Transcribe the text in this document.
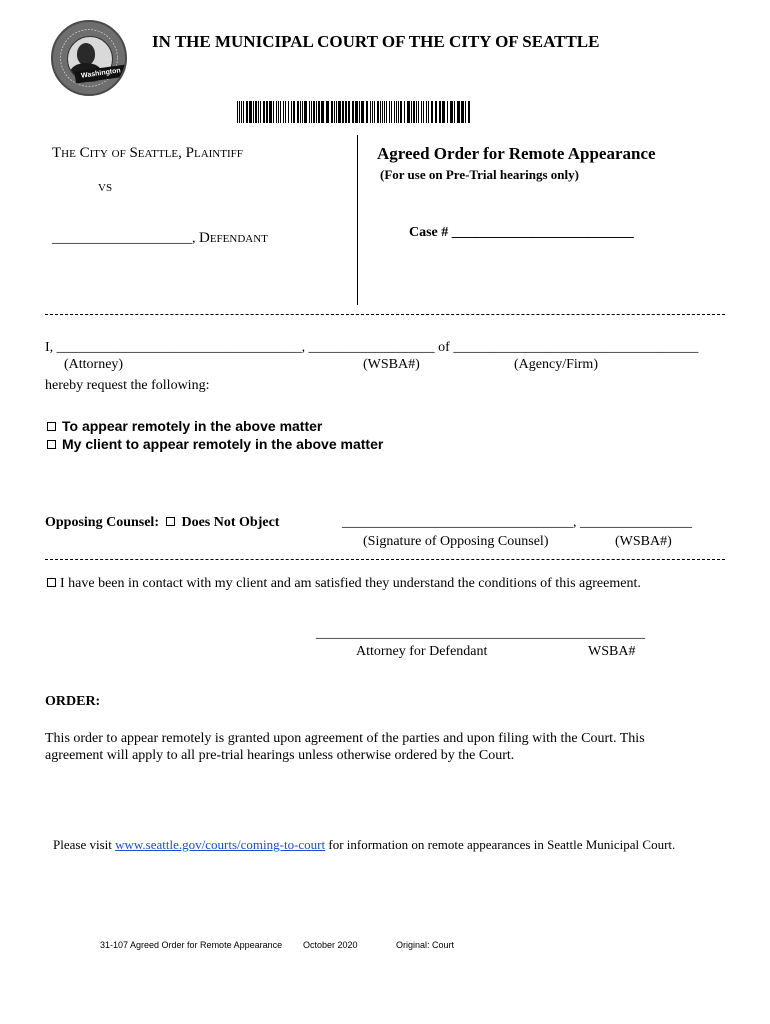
Washington
IN THE MUNICIPAL COURT OF THE CITY OF SEATTLE
The City of Seattle, Plaintiff
vs
____________________, Defendant
Agreed Order for Remote Appearance
(For use on Pre-Trial hearings only)
Case # __________________________
I, ___________________________________, __________________ of ___________________________________
(Attorney)	(WSBA#)	(Agency/Firm)
hereby request the following:
To appear remotely in the above matter
My client to appear remotely in the above matter
Opposing Counsel: Does Not Object	_________________________________, ________________
(Signature of Opposing Counsel)	(WSBA#)
I have been in contact with my client and am satisfied they understand the conditions of this agreement.
_______________________________________________
Attorney for Defendant	WSBA#
ORDER:
This order to appear remotely is granted upon agreement of the parties and upon filing with the Court. This
agreement will apply to all pre-trial hearings unless otherwise ordered by the Court.
Please visit www.seattle.gov/courts/coming-to-court for information on remote appearances in Seattle Municipal Court.
31-107 Agreed Order for Remote Appearance October 2020	Original: Court
